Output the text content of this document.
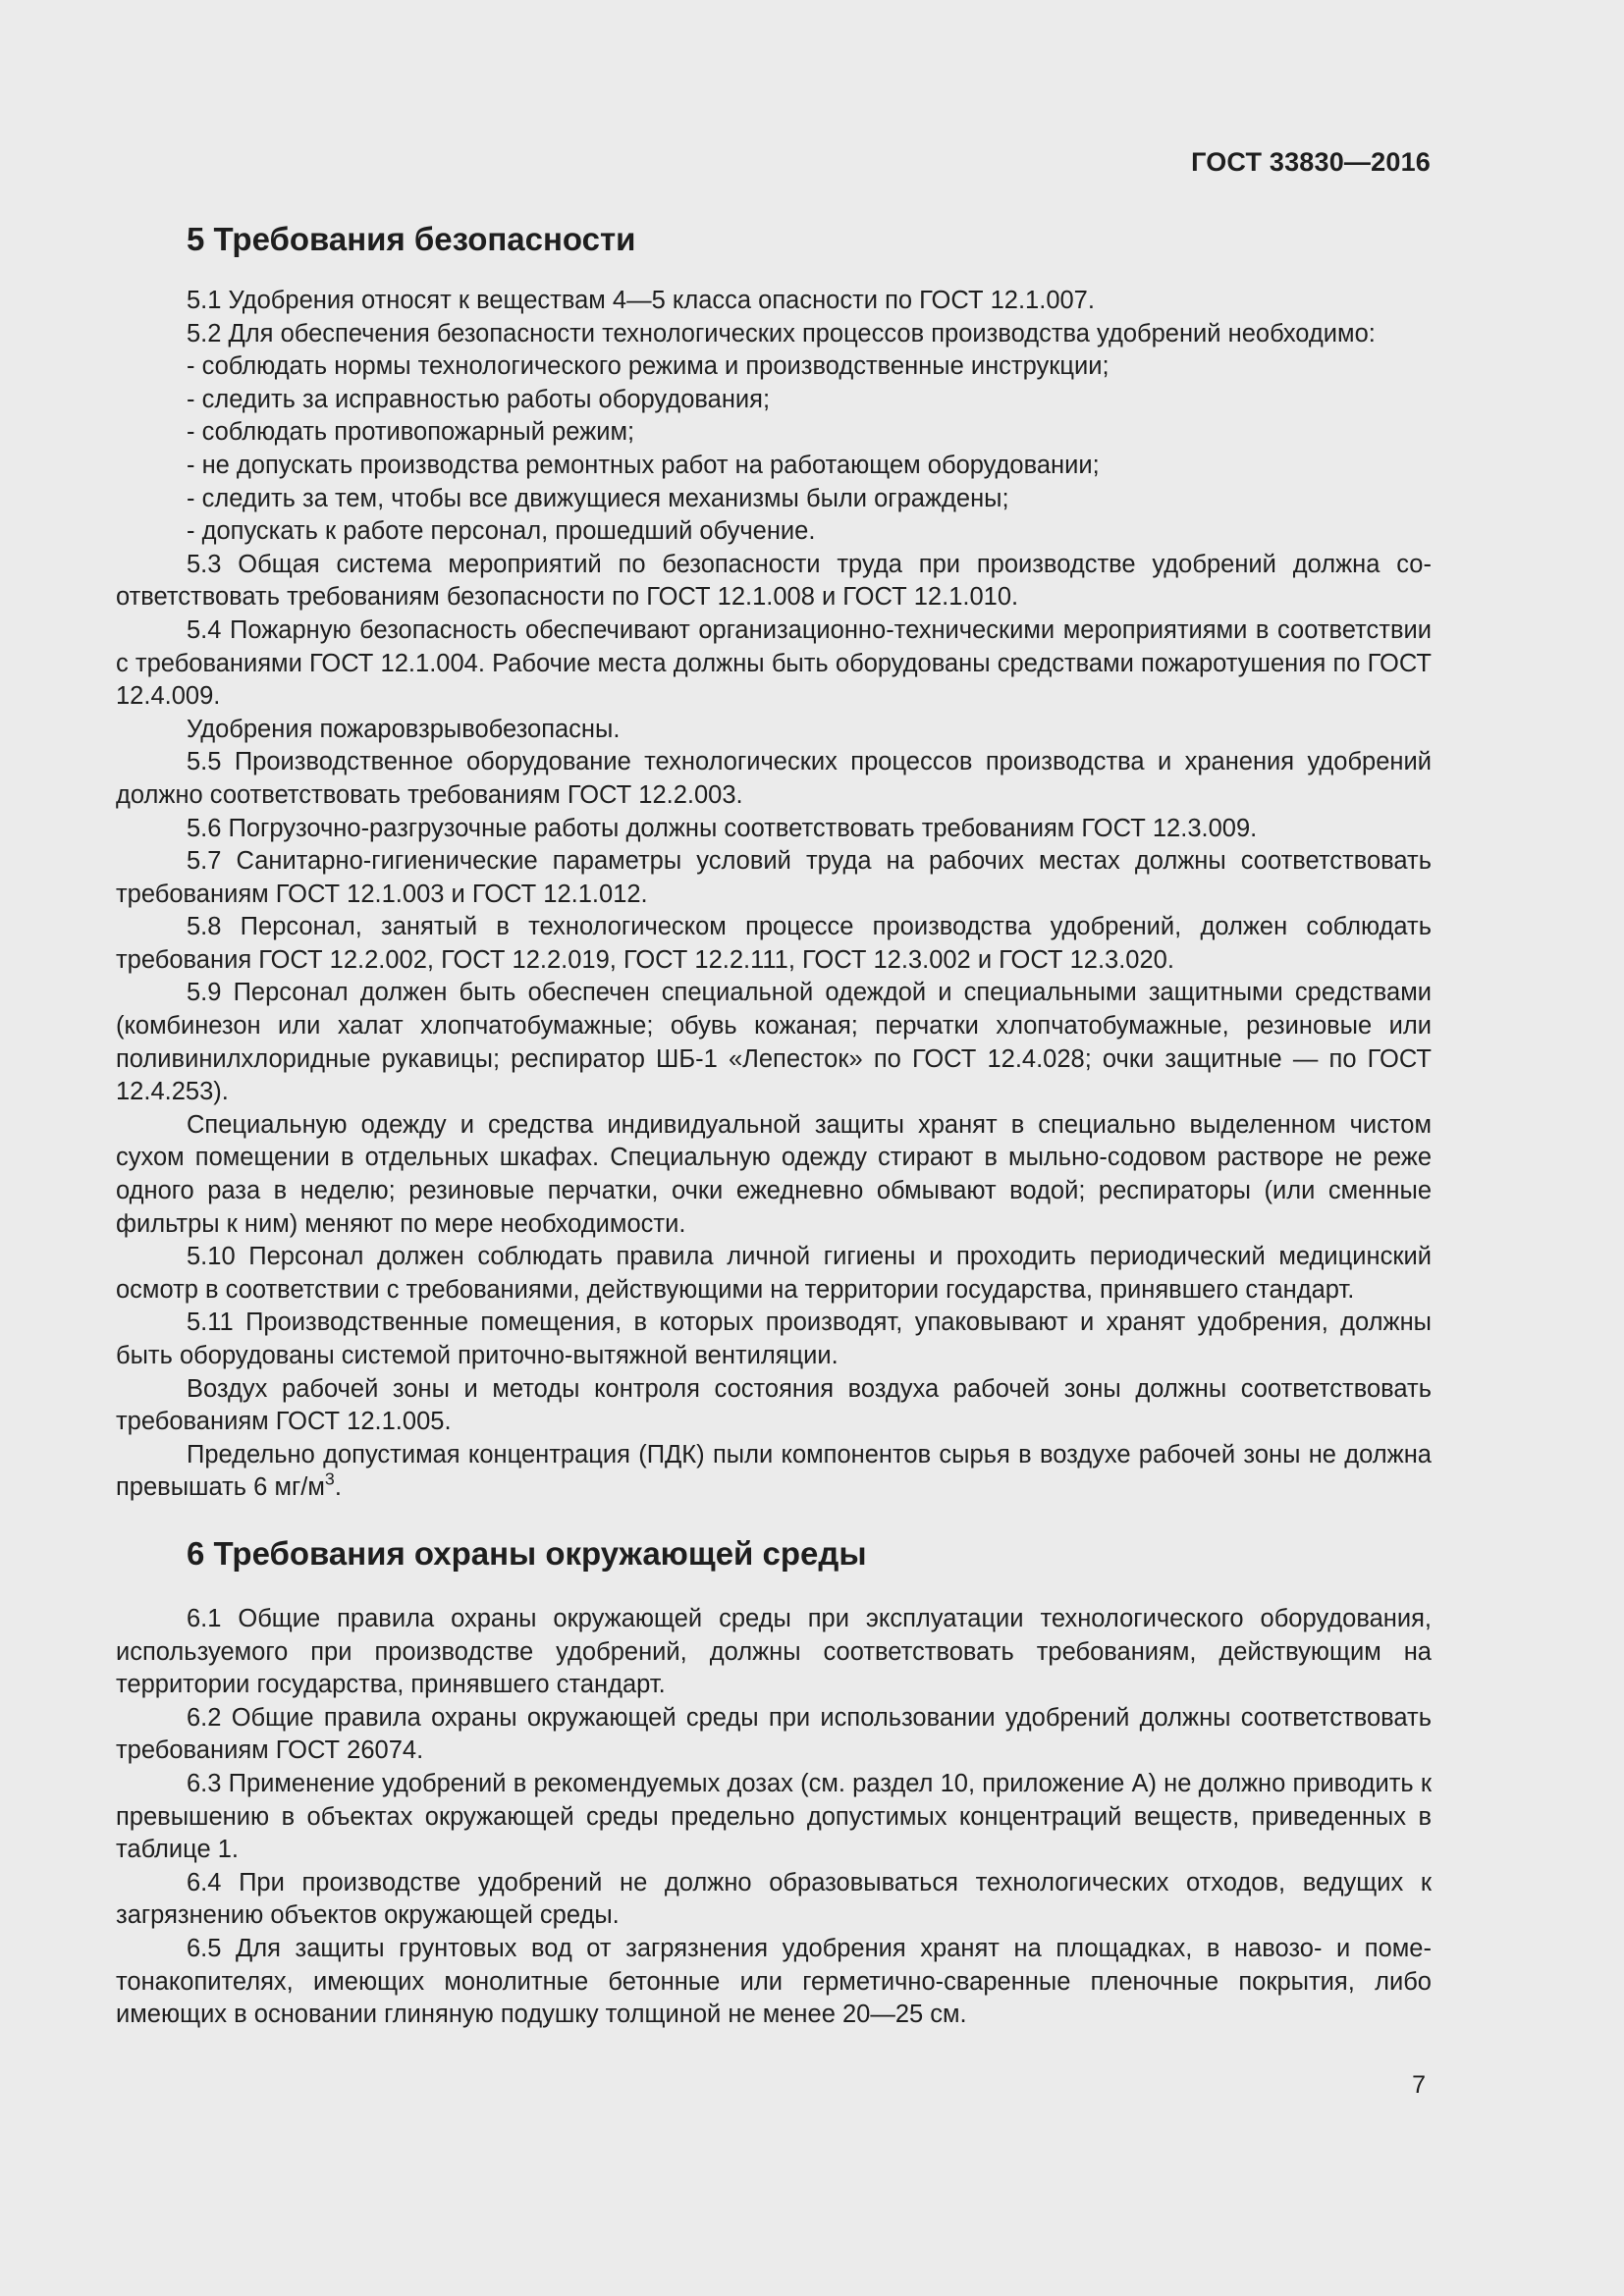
ГОСТ 33830—2016
5 Требования безопасности

5.1 Удобрения относят к веществам 4—5 класса опасности по ГОСТ 12.1.007.

5.2 Для обеспечения безопасности технологических процессов производства удобрений необходимо:

- соблюдать нормы технологического режима и производственные инструкции;

- следить за исправностью работы оборудования;

- соблюдать противопожарный режим;

- не допускать производства ремонтных работ на работающем оборудовании;

- следить за тем, чтобы все движущиеся механизмы были ограждены;

- допускать к работе персонал, прошедший обучение.

5.3 Общая система мероприятий по безопасности труда при производстве удобрений должна соответствовать требованиям безопасности по ГОСТ 12.1.008 и ГОСТ 12.1.010.

5.4 Пожарную безопасность обеспечивают организационно-техническими мероприятиями в соответствии с требованиями ГОСТ 12.1.004. Рабочие места должны быть оборудованы средствами пожаротушения по ГОСТ 12.4.009.

Удобрения пожаровзрывобезопасны.

5.5 Производственное оборудование технологических процессов производства и хранения удобрений должно соответствовать требованиям ГОСТ 12.2.003.

5.6 Погрузочно-разгрузочные работы должны соответствовать требованиям ГОСТ 12.3.009.

5.7 Санитарно-гигиенические параметры условий труда на рабочих местах должны соответствовать требованиям ГОСТ 12.1.003 и ГОСТ 12.1.012.

5.8 Персонал, занятый в технологическом процессе производства удобрений, должен соблюдать требования ГОСТ 12.2.002, ГОСТ 12.2.019, ГОСТ 12.2.111, ГОСТ 12.3.002 и ГОСТ 12.3.020.

5.9 Персонал должен быть обеспечен специальной одеждой и специальными защитными средствами (комбинезон или халат хлопчатобумажные; обувь кожаная; перчатки хлопчатобумажные, резиновые или поливинилхлоридные рукавицы; респиратор ШБ-1 «Лепесток» по ГОСТ 12.4.028; очки защитные — по ГОСТ 12.4.253).

Специальную одежду и средства индивидуальной защиты хранят в специально выделенном чистом сухом помещении в отдельных шкафах. Специальную одежду стирают в мыльно-содовом растворе не реже одного раза в неделю; резиновые перчатки, очки ежедневно обмывают водой; респираторы (или сменные фильтры к ним) меняют по мере необходимости.

5.10 Персонал должен соблюдать правила личной гигиены и проходить периодический медицинский осмотр в соответствии с требованиями, действующими на территории государства, принявшего стандарт.

5.11 Производственные помещения, в которых производят, упаковывают и хранят удобрения, должны быть оборудованы системой приточно-вытяжной вентиляции.

Воздух рабочей зоны и методы контроля состояния воздуха рабочей зоны должны соответствовать требованиям ГОСТ 12.1.005.

Предельно допустимая концентрация (ПДК) пыли компонентов сырья в воздухе рабочей зоны не должна превышать 6 $мг/м^3$.

6 Требования охраны окружающей среды

6.1 Общие правила охраны окружающей среды при эксплуатации технологического оборудования, используемого при производстве удобрений, должны соответствовать требованиям, действующим на территории государства, принявшего стандарт.

6.2 Общие правила охраны окружающей среды при использовании удобрений должны соответствовать требованиям ГОСТ 26074.

6.3 Применение удобрений в рекомендуемых дозах (см. раздел 10, приложение А) не должно приводить к превышению в объектах окружающей среды предельно допустимых концентраций веществ, приведенных в таблице 1.

6.4 При производстве удобрений не должно образовываться технологических отходов, ведущих к загрязнению объектов окружающей среды.

6.5 Для защиты грунтовых вод от загрязнения удобрения хранят на площадках, в навозо- и пометонакопителях, имеющих монолитные бетонные или герметично-сваренные пленочные покрытия, либо имеющих в основании глиняную подушку толщиной не менее 20—25 см.

7
